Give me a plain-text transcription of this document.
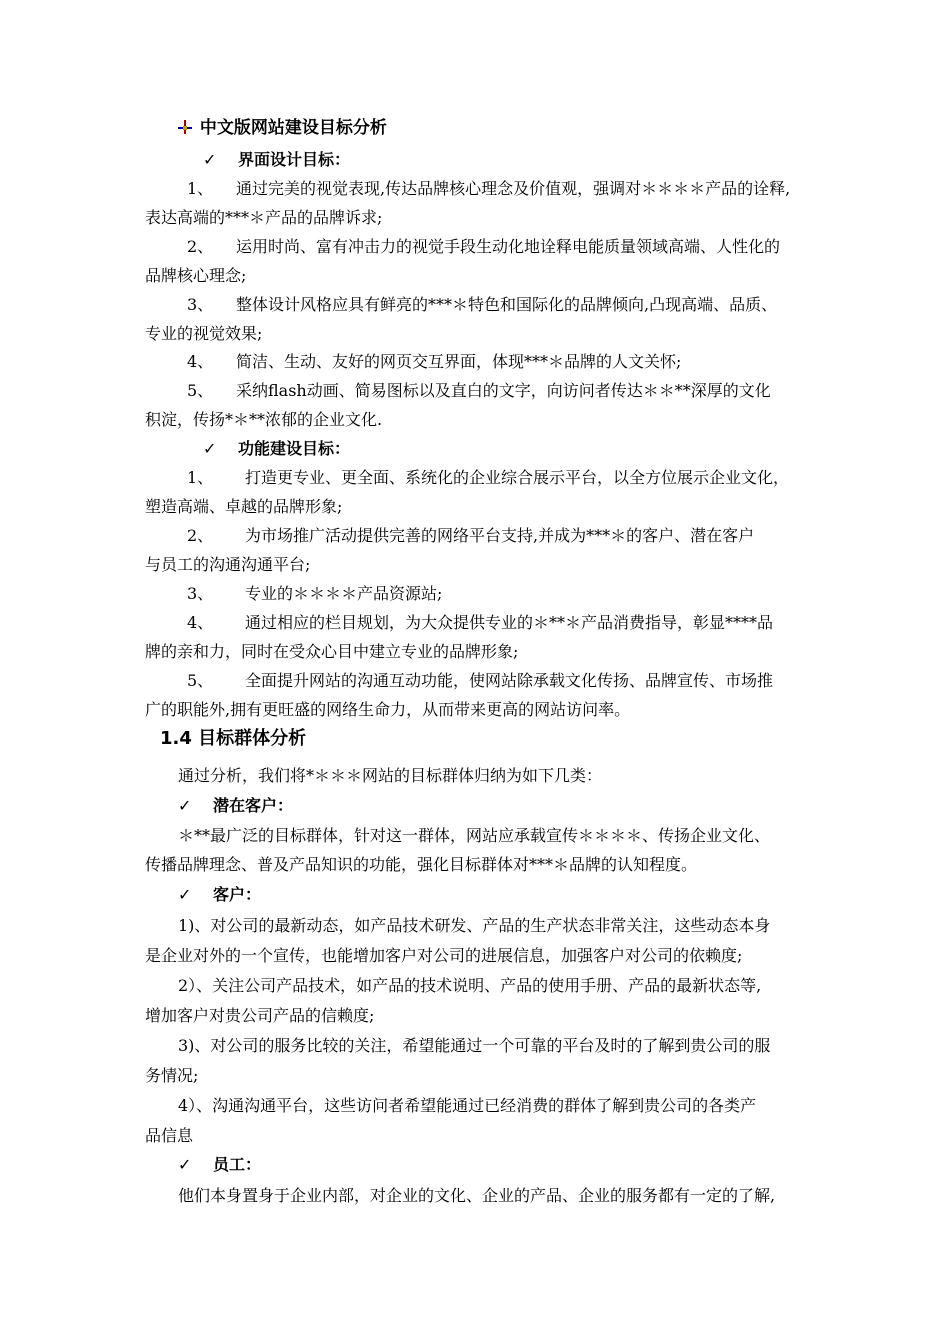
中文版网站建设目标分析
✓ 界面设计目标：
1、 通过完美的视觉表现,传达品牌核心理念及价值观，强调对＊＊＊＊产品的诠释,
表达高端的***＊产品的品牌诉求;
2、 运用时尚、富有冲击力的视觉手段生动化地诠释电能质量领域高端、人性化的
品牌核心理念;
3、 整体设计风格应具有鲜亮的***＊特色和国际化的品牌倾向,凸现高端、品质、
专业的视觉效果;
4、 简洁、生动、友好的网页交互界面，体现***＊品牌的人文关怀;
5、 采纳flash动画、简易图标以及直白的文字，向访问者传达＊＊**深厚的文化
积淀，传扬*＊**浓郁的企业文化.
✓ 功能建设目标：
1、 打造更专业、更全面、系统化的企业综合展示平台，以全方位展示企业文化，
塑造高端、卓越的品牌形象;
2、 为市场推广活动提供完善的网络平台支持,并成为***＊的客户、潜在客户
与员工的沟通沟通平台;
3、 专业的＊＊＊＊产品资源站;
4、 通过相应的栏目规划，为大众提供专业的＊**＊产品消费指导，彰显****品
牌的亲和力，同时在受众心目中建立专业的品牌形象;
5、 全面提升网站的沟通互动功能，使网站除承载文化传扬、品牌宣传、市场推
广的职能外,拥有更旺盛的网络生命力，从而带来更高的网站访问率。
1.4 目标群体分析
通过分析，我们将*＊＊＊网站的目标群体归纳为如下几类：
✓ 潜在客户：
＊**最广泛的目标群体，针对这一群体，网站应承载宣传＊＊＊＊、传扬企业文化、
传播品牌理念、普及产品知识的功能，强化目标群体对***＊品牌的认知程度。
✓ 客户：
1)、对公司的最新动态，如产品技术研发、产品的生产状态非常关注，这些动态本身
是企业对外的一个宣传，也能增加客户对公司的进展信息，加强客户对公司的依赖度;
2）、关注公司产品技术，如产品的技术说明、产品的使用手册、产品的最新状态等,
增加客户对贵公司产品的信赖度;
3)、对公司的服务比较的关注，希望能通过一个可靠的平台及时的了解到贵公司的服
务情况;
4）、沟通沟通平台，这些访问者希望能通过已经消费的群体了解到贵公司的各类产
品信息
✓ 员工：
他们本身置身于企业内部，对企业的文化、企业的产品、企业的服务都有一定的了解,
